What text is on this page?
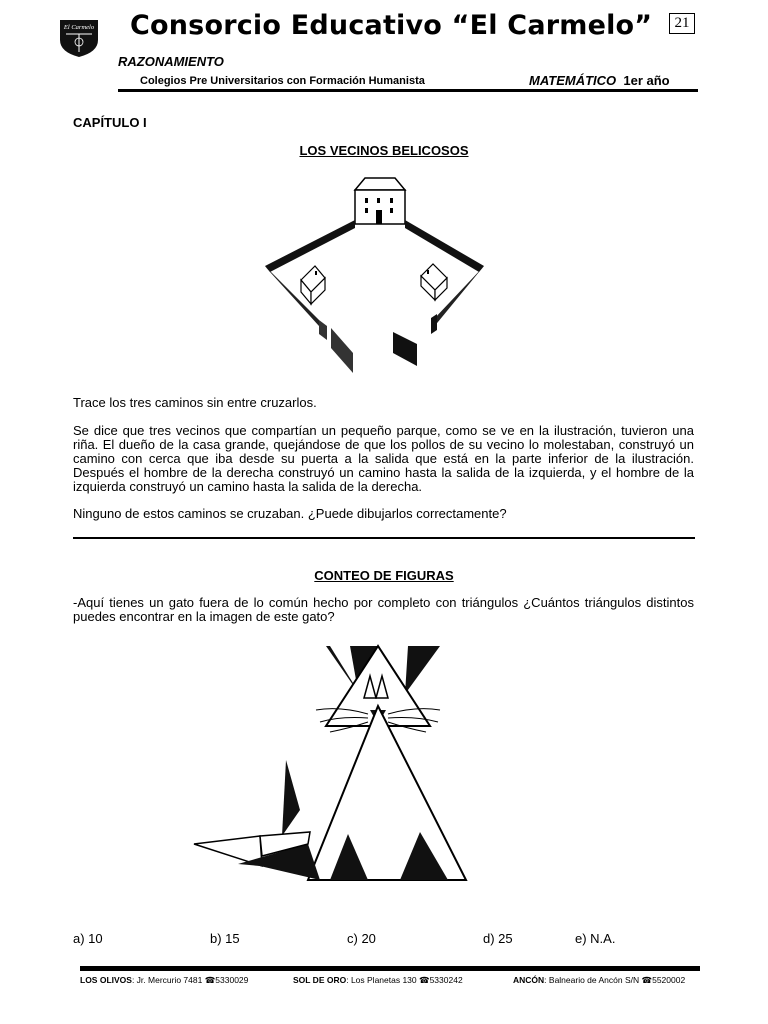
El Carmelo Consorcio Educativo “El Carmelo”	21
RAZONAMIENTO
Colegios Pre Universitarios con Formación Humanista	MATEMÁTICO 1er año
CAPÍTULO I
LOS VECINOS BELICOSOS
Trace los tres caminos sin entre cruzarlos.
Se dice que tres vecinos que compartían un pequeño parque, como se ve en la ilustración, tuvieron una riña. El dueño de la casa grande, quejándose de que los pollos de su vecino lo molestaban, construyó un camino con cerca que iba desde su puerta a la salida que está en la parte inferior de la ilustración. Después el hombre de la derecha construyó un camino hasta la salida de la izquierda, y el hombre de la izquierda construyó un camino hasta la salida de la derecha.
Ninguno de estos caminos se cruzaban. ¿Puede dibujarlos correctamente?
CONTEO DE FIGURAS
-Aquí tienes un gato fuera de lo común hecho por completo con triángulos ¿Cuántos triángulos distintos puedes encontrar en la imagen de este gato?
a) 10	b) 15	c) 20	d) 25	e) N.A.
LOS OLIVOS: Jr. Mercurio 7481 ☎5330029	SOL DE ORO: Los Planetas 130 ☎5330242	ANCÓN: Balneario de Ancón S/N ☎5520002
